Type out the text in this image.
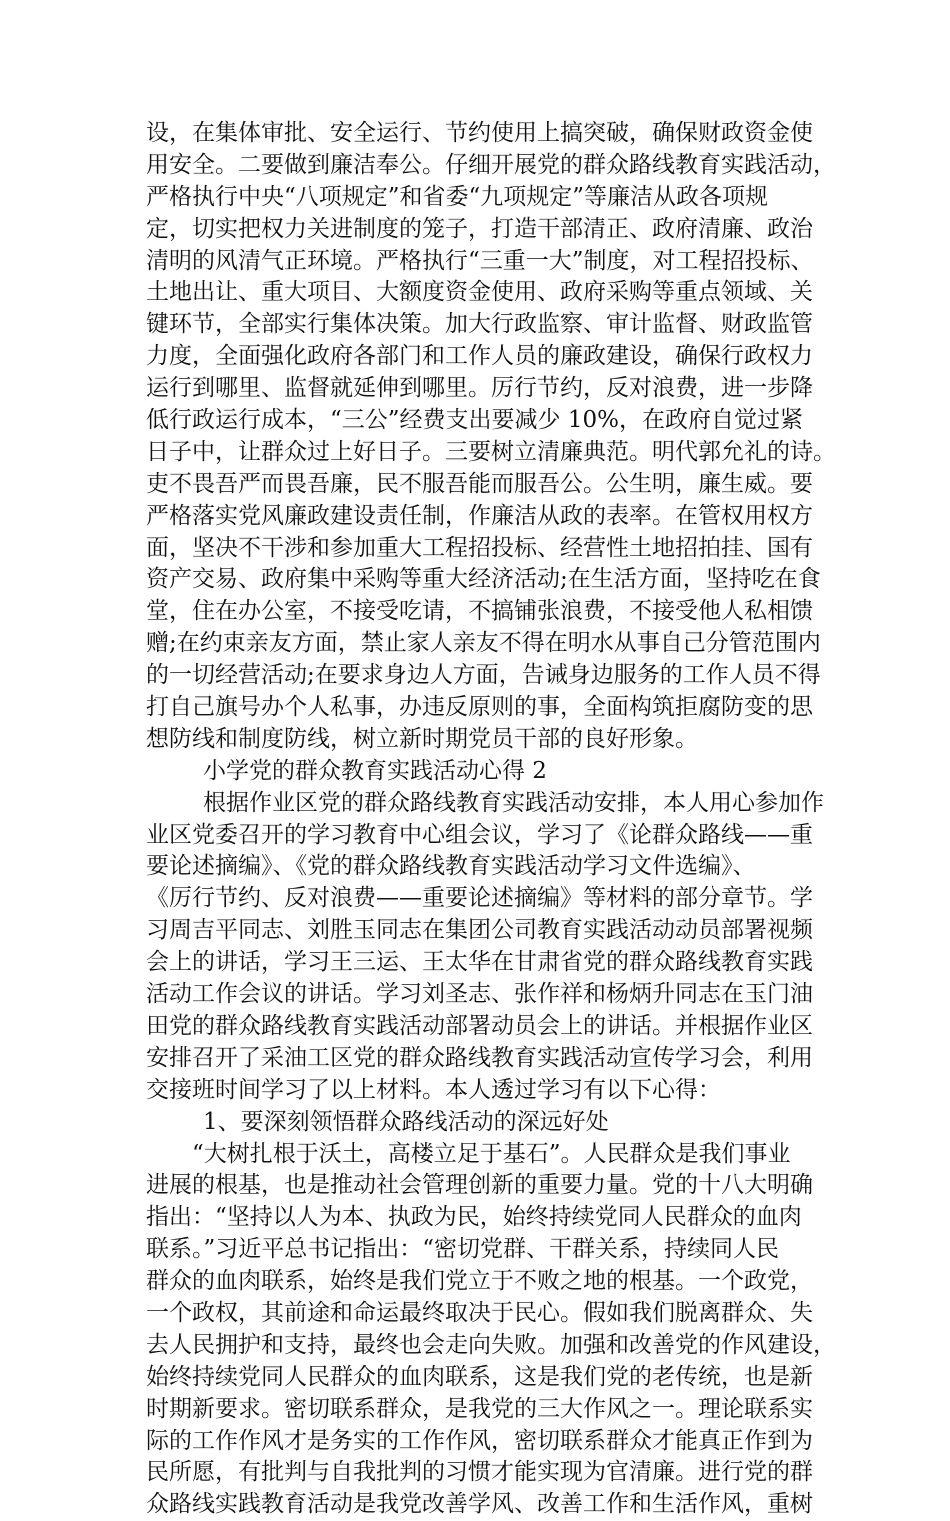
设，在集体审批、安全运行、节约使用上搞突破，确保财政资金使
用安全。二要做到廉洁奉公。仔细开展党的群众路线教育实践活动，
严格执行中央“八项规定”和省委“九项规定”等廉洁从政各项规
定，切实把权力关进制度的笼子，打造干部清正、政府清廉、政治
清明的风清气正环境。严格执行“三重一大”制度，对工程招投标、
土地出让、重大项目、大额度资金使用、政府采购等重点领域、关
键环节，全部实行集体决策。加大行政监察、审计监督、财政监管
力度，全面强化政府各部门和工作人员的廉政建设，确保行政权力
运行到哪里、监督就延伸到哪里。厉行节约，反对浪费，进一步降
低行政运行成本，“三公”经费支出要减少 10%，在政府自觉过紧
日子中，让群众过上好日子。三要树立清廉典范。明代郭允礼的诗。
吏不畏吾严而畏吾廉，民不服吾能而服吾公。公生明，廉生威。要
严格落实党风廉政建设责任制，作廉洁从政的表率。在管权用权方
面，坚决不干涉和参加重大工程招投标、经营性土地招拍挂、国有
资产交易、政府集中采购等重大经济活动;在生活方面，坚持吃在食
堂，住在办公室，不接受吃请，不搞铺张浪费，不接受他人私相馈
赠;在约束亲友方面，禁止家人亲友不得在明水从事自己分管范围内
的一切经营活动;在要求身边人方面，告诫身边服务的工作人员不得
打自己旗号办个人私事，办违反原则的事，全面构筑拒腐防变的思
想防线和制度防线，树立新时期党员干部的良好形象。
小学党的群众教育实践活动心得 2
根据作业区党的群众路线教育实践活动安排，本人用心参加作
业区党委召开的学习教育中心组会议，学习了《论群众路线——重
要论述摘编》、《党的群众路线教育实践活动学习文件选编》、
《厉行节约、反对浪费——重要论述摘编》等材料的部分章节。学
习周吉平同志、刘胜玉同志在集团公司教育实践活动动员部署视频
会上的讲话，学习王三运、王太华在甘肃省党的群众路线教育实践
活动工作会议的讲话。学习刘圣志、张作祥和杨炳升同志在玉门油
田党的群众路线教育实践活动部署动员会上的讲话。并根据作业区
安排召开了采油工区党的群众路线教育实践活动宣传学习会，利用
交接班时间学习了以上材料。本人透过学习有以下心得：
1、要深刻领悟群众路线活动的深远好处
“大树扎根于沃土，高楼立足于基石”。人民群众是我们事业
进展的根基，也是推动社会管理创新的重要力量。党的十八大明确
指出：“坚持以人为本、执政为民，始终持续党同人民群众的血肉
联系。”习近平总书记指出：“密切党群、干群关系，持续同人民
群众的血肉联系，始终是我们党立于不败之地的根基。一个政党，
一个政权，其前途和命运最终取决于民心。假如我们脱离群众、失
去人民拥护和支持，最终也会走向失败。加强和改善党的作风建设，
始终持续党同人民群众的血肉联系，这是我们党的老传统，也是新
时期新要求。密切联系群众，是我党的三大作风之一。理论联系实
际的工作作风才是务实的工作作风，密切联系群众才能真正作到为
民所愿，有批判与自我批判的习惯才能实现为官清廉。进行党的群
众路线实践教育活动是我党改善学风、改善工作和生活作风，重树
